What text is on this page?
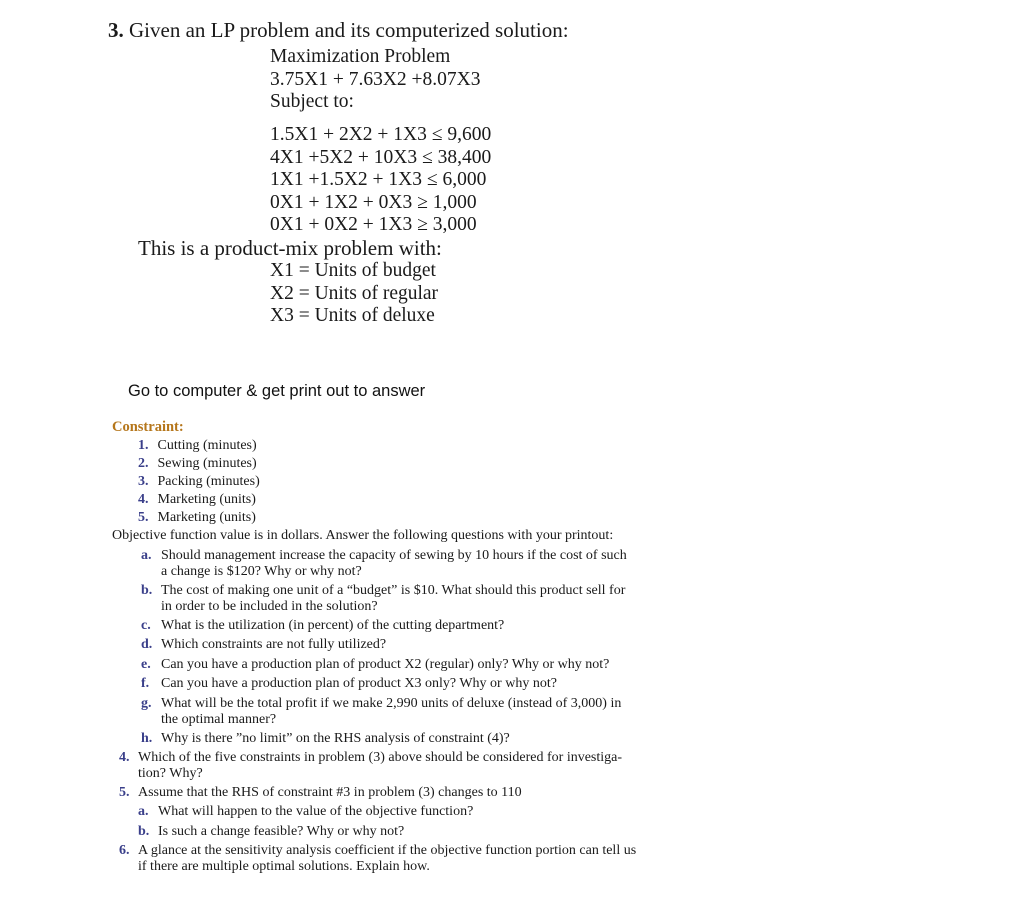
3. Given an LP problem and its computerized solution:
Maximization Problem
3.75X1 + 7.63X2 +8.07X3
Subject to:
1.5X1 + 2X2 + 1X3 ≤ 9,600
4X1 +5X2 + 10X3 ≤ 38,400
1X1 +1.5X2 + 1X3 ≤ 6,000
0X1 + 1X2 + 0X3 ≥ 1,000
0X1 + 0X2 + 1X3 ≥ 3,000
This is a product-mix problem with:
X1 = Units of budget
X2 = Units of regular
X3 = Units of deluxe
Go to computer & get print out to answer
Constraint:
1. Cutting (minutes)
2. Sewing (minutes)
3. Packing (minutes)
4. Marketing (units)
5. Marketing (units)
Objective function value is in dollars. Answer the following questions with your printout:
a. Should management increase the capacity of sewing by 10 hours if the cost of such
a change is $120? Why or why not?
b. The cost of making one unit of a “budget” is $10. What should this product sell for
in order to be included in the solution?
c. What is the utilization (in percent) of the cutting department?
d. Which constraints are not fully utilized?
e. Can you have a production plan of product X2 (regular) only? Why or why not?
f. Can you have a production plan of product X3 only? Why or why not?
g. What will be the total profit if we make 2,990 units of deluxe (instead of 3,000) in
the optimal manner?
h. Why is there ”no limit” on the RHS analysis of constraint (4)?
4. Which of the five constraints in problem (3) above should be considered for investiga-
tion? Why?
5. Assume that the RHS of constraint #3 in problem (3) changes to 110
a. What will happen to the value of the objective function?
b. Is such a change feasible? Why or why not?
6. A glance at the sensitivity analysis coefficient if the objective function portion can tell us
if there are multiple optimal solutions. Explain how.
